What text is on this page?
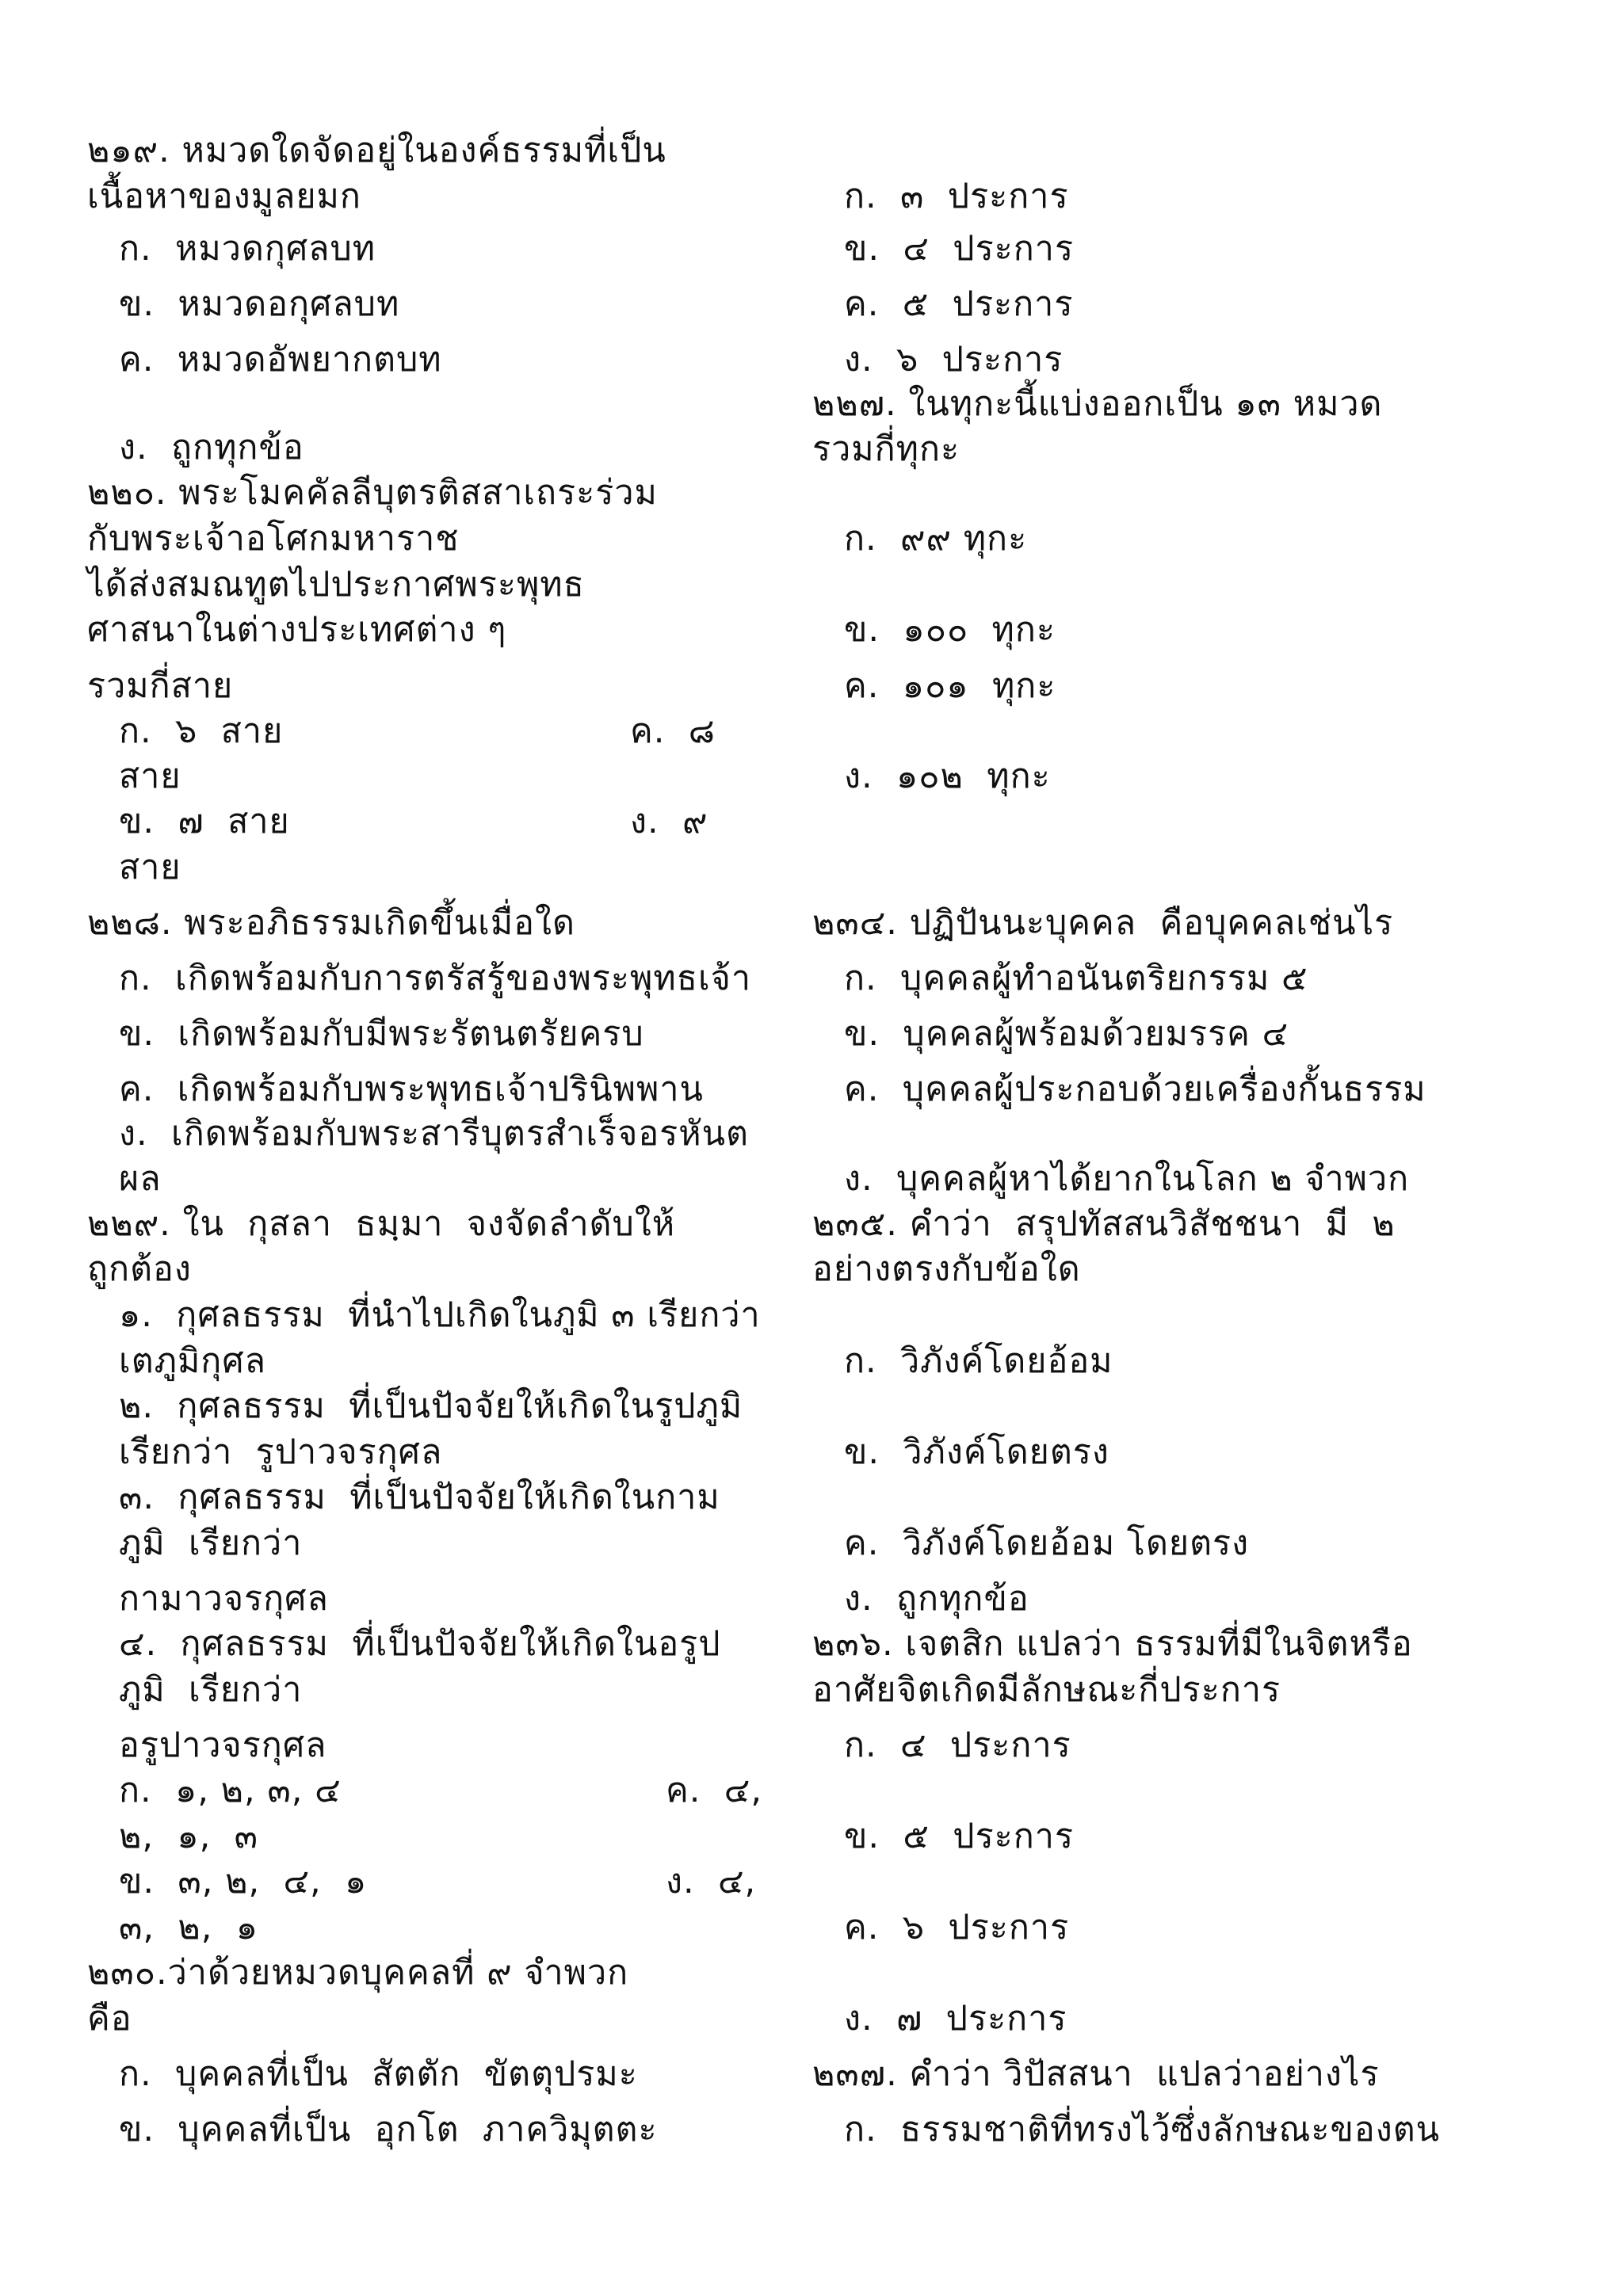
๒๑๙. หมวดใดจัดอยู่ในองค์ธรรมที่เป็น
เนื้อหาของมูลยมก
ก.  หมวดกุศลบท
ข.  หมวดอกุศลบท
ค.  หมวดอัพยากตบท
ง.  ถูกทุกข้อ
๒๒๐. พระโมคคัลลีบุตรติสสาเถระร่วม
กับพระเจ้าอโศกมหาราช
ได้ส่งสมณทูตไปประกาศพระพุทธ
ศาสนาในต่างประเทศต่าง ๆ
รวมกี่สาย
ก.  ๖  สาย	ค.  ๘
สาย
ข.  ๗  สาย	ง.  ๙
สาย
ก.  ๓  ประการ
ข.  ๔  ประการ
ค.  ๕  ประการ
ง.  ๖  ประการ
๒๒๗. ในทุกะนี้แบ่งออกเป็น ๑๓ หมวด
รวมกี่ทุกะ
ก.  ๙๙ ทุกะ
ข.  ๑๐๐  ทุกะ
ค.  ๑๐๑  ทุกะ
ง.  ๑๐๒  ทุกะ
๒๒๘. พระอภิธรรมเกิดขึ้นเมื่อใด
ก.  เกิดพร้อมกับการตรัสรู้ของพระพุทธเจ้า
ข.  เกิดพร้อมกับมีพระรัตนตรัยครบ
ค.  เกิดพร้อมกับพระพุทธเจ้าปรินิพพาน
ง.  เกิดพร้อมกับพระสารีบุตรสำเร็จอรหันต
ผล
๒๒๙. ใน  กุสลา  ธมฺมา  จงจัดลำดับให้
ถูกต้อง
๑.  กุศลธรรม  ที่นำไปเกิดในภูมิ ๓ เรียกว่า
เตภูมิกุศล
๒.  กุศลธรรม  ที่เป็นปัจจัยให้เกิดในรูปภูมิ
เรียกว่า  รูปาวจรกุศล
๓.  กุศลธรรม  ที่เป็นปัจจัยให้เกิดในกาม
ภูมิ  เรียกว่า
กามาวจรกุศล
๔.  กุศลธรรม  ที่เป็นปัจจัยให้เกิดในอรูป
ภูมิ  เรียกว่า
อรูปาวจรกุศล
ก.  ๑, ๒, ๓, ๔	ค.  ๔,
๒,  ๑,  ๓
ข.  ๓, ๒,  ๔,  ๑	ง.  ๔,
๓,  ๒,  ๑
๒๓๐.ว่าด้วยหมวดบุคคลที่ ๙ จำพวก
คือ
ก.  บุคคลที่เป็น  สัตตัก  ขัตตุปรมะ
ข.  บุคคลที่เป็น  อุกโต  ภาควิมุตตะ
๒๓๔. ปฏิปันนะบุคคล  คือบุคคลเช่นไร
ก.  บุคคลผู้ทำอนันตริยกรรม ๕
ข.  บุคคลผู้พร้อมด้วยมรรค ๔
ค.  บุคคลผู้ประกอบด้วยเครื่องกั้นธรรม
ง.  บุคคลผู้หาได้ยากในโลก ๒ จำพวก
๒๓๕. คำว่า  สรุปทัสสนวิสัชชนา  มี  ๒
อย่างตรงกับข้อใด
ก.  วิภังค์โดยอ้อม
ข.  วิภังค์โดยตรง
ค.  วิภังค์โดยอ้อม โดยตรง
ง.  ถูกทุกข้อ
๒๓๖. เจตสิก แปลว่า ธรรมที่มีในจิตหรือ
อาศัยจิตเกิดมีลักษณะกี่ประการ
ก.  ๔  ประการ
ข.  ๕  ประการ
ค.  ๖  ประการ
ง.  ๗  ประการ
๒๓๗. คำว่า วิปัสสนา  แปลว่าอย่างไร
ก.  ธรรมชาติที่ทรงไว้ซึ่งลักษณะของตน
